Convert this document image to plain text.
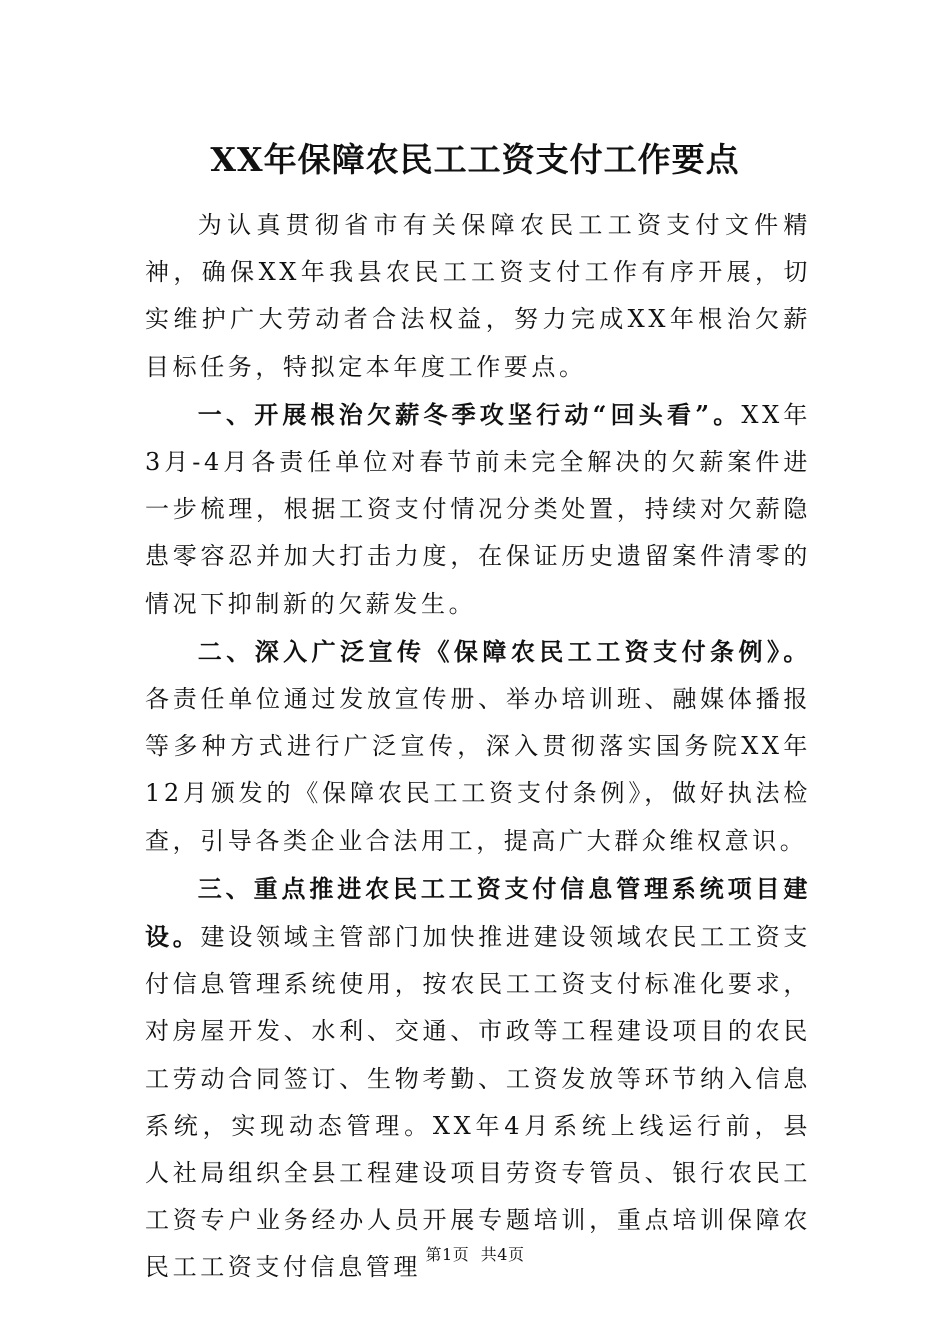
XX年保障农民工工资支付工作要点

为认真贯彻省市有关保障农民工工资支付文件精神，确保XX年我县农民工工资支付工作有序开展，切实维护广大劳动者合法权益，努力完成XX年根治欠薪目标任务，特拟定本年度工作要点。

一、开展根治欠薪冬季攻坚行动“回头看”。XX年3月-4月各责任单位对春节前未完全解决的欠薪案件进一步梳理，根据工资支付情况分类处置，持续对欠薪隐患零容忍并加大打击力度，在保证历史遗留案件清零的情况下抑制新的欠薪发生。

二、深入广泛宣传《保障农民工工资支付条例》。各责任单位通过发放宣传册、举办培训班、融媒体播报等多种方式进行广泛宣传，深入贯彻落实国务院XX年12月颁发的《保障农民工工资支付条例》，做好执法检查，引导各类企业合法用工，提高广大群众维权意识。

三、重点推进农民工工资支付信息管理系统项目建设。建设领域主管部门加快推进建设领域农民工工资支付信息管理系统使用，按农民工工资支付标准化要求，对房屋开发、水利、交通、市政等工程建设项目的农民工劳动合同签订、生物考勤、工资发放等环节纳入信息系统，实现动态管理。XX年4月系统上线运行前，县人社局组织全县工程建设项目劳资专管员、银行农民工工资专户业务经办人员开展专题培训，重点培训保障农民工工资支付信息管理 第1页 共4页
